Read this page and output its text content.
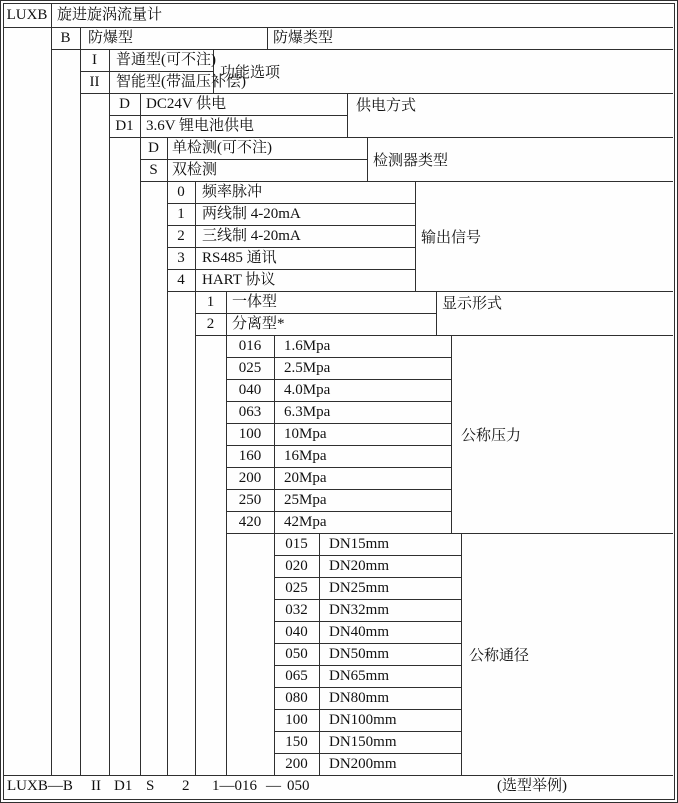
LUXB 旋进旋涡流量计
B	防爆型	防爆类型
I	普通型(可不注)
II	智能型(带温压补偿)
功能选项
D	DC24V 供电
D1 3.6V 锂电池供电
供电方式
D 单检测(可不注)
S 双检测
检测器类型
0	频率脉冲
1	两线制 4-20mA
2	三线制 4-20mA
3	RS485 通讯
4	HART 协议
输出信号
1	一体型
2	分离型*
显示形式
016	1.6Mpa
025	2.5Mpa
040	4.0Mpa
063	6.3Mpa
100	10Mpa
160	16Mpa
200	20Mpa
250	25Mpa
420	42Mpa
公称压力
015	DN15mm
020	DN20mm
025	DN25mm
032	DN32mm
040	DN40mm
050	DN50mm
065	DN65mm
080	DN80mm
100	DN100mm
150	DN150mm
200	DN200mm
公称通径
LUXB—B II D1 S 2 1—016 — 050	(选型举例)
